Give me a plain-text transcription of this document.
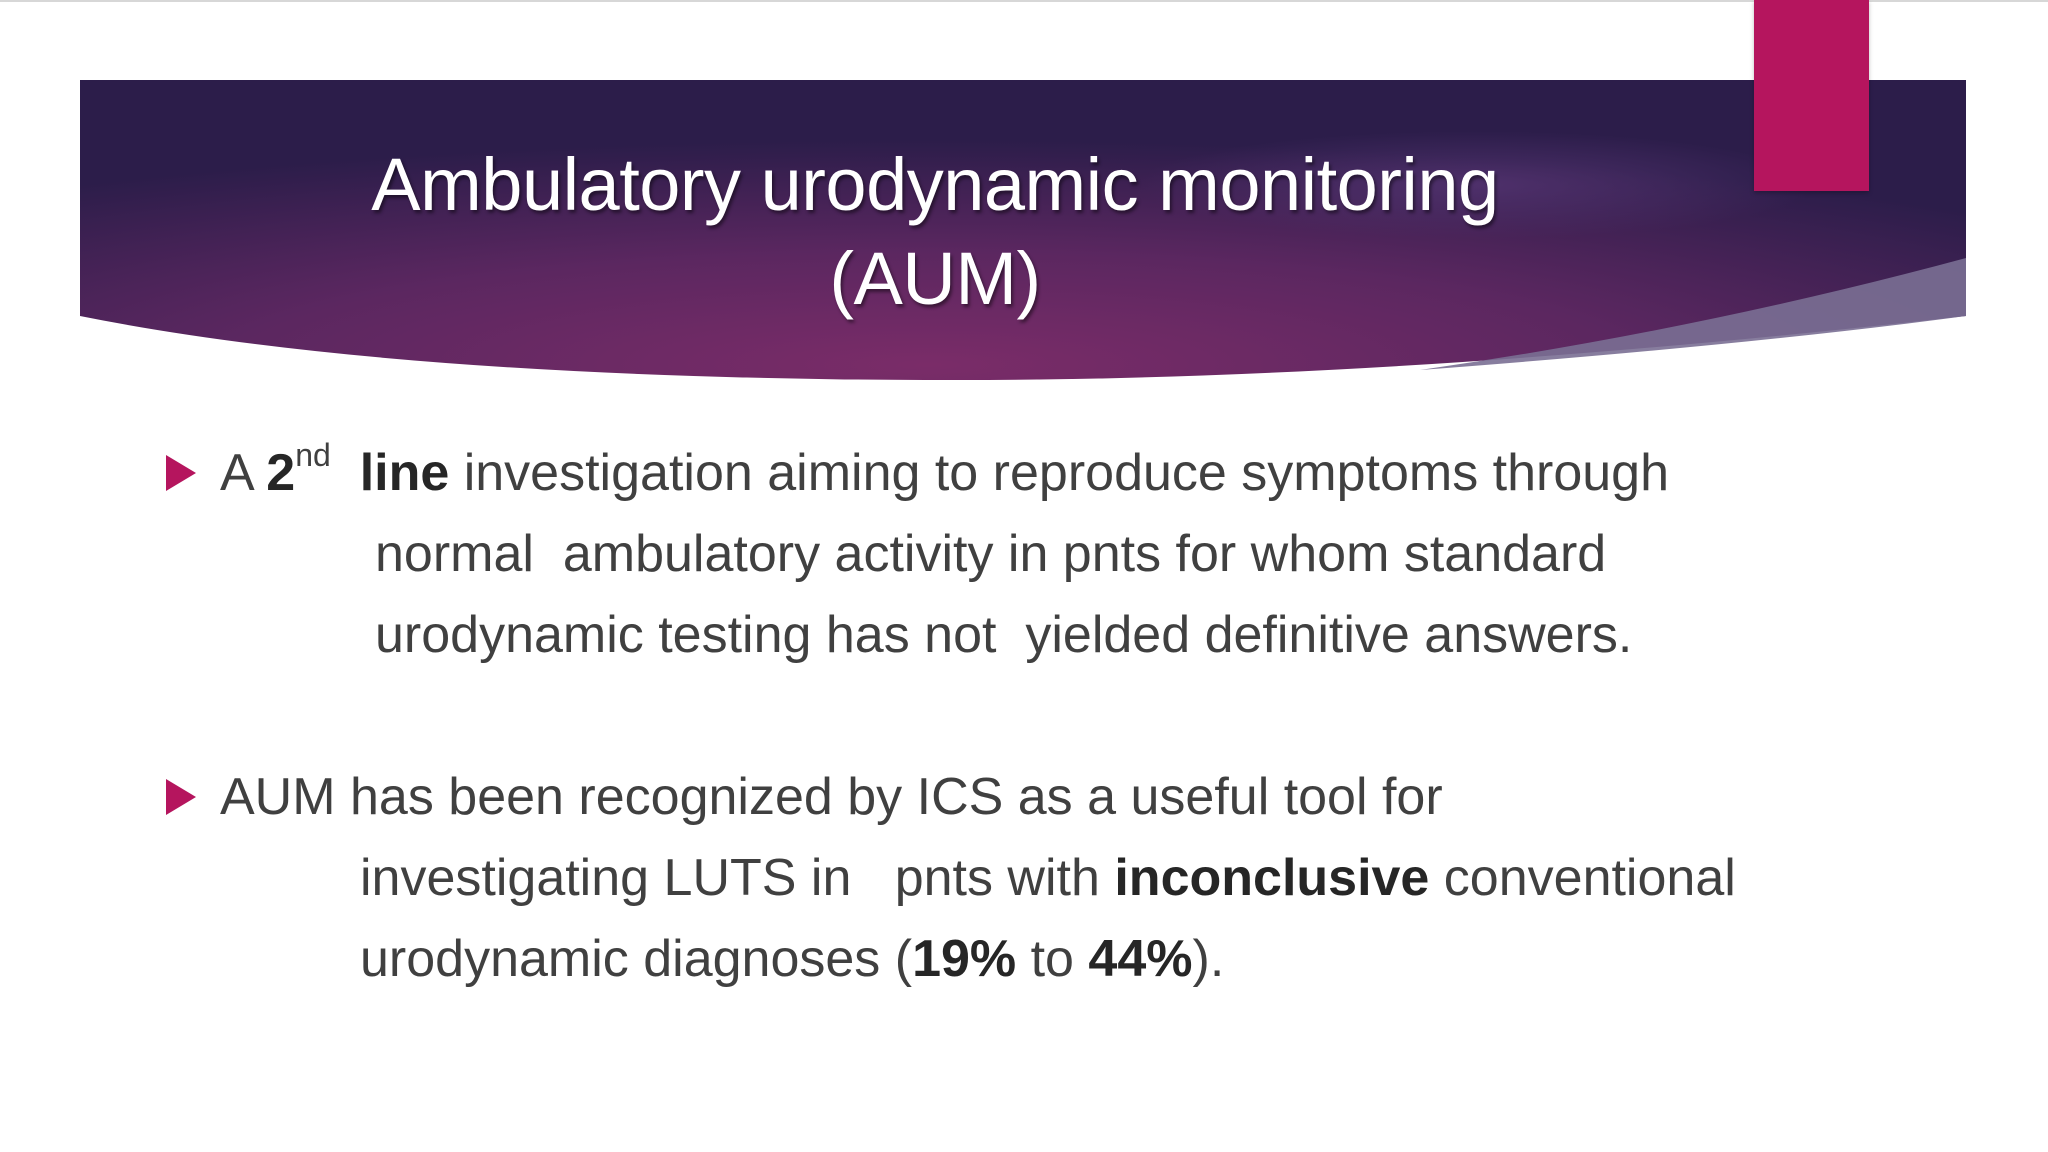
Ambulatory urodynamic monitoring
(AUM)
A 2nd line investigation aiming to reproduce symptoms through
normal  ambulatory activity in pnts for whom standard
urodynamic testing has not  yielded definitive answers.
AUM has been recognized by ICS as a useful tool for
investigating LUTS in   pnts with inconclusive conventional
urodynamic diagnoses (19% to 44%).
